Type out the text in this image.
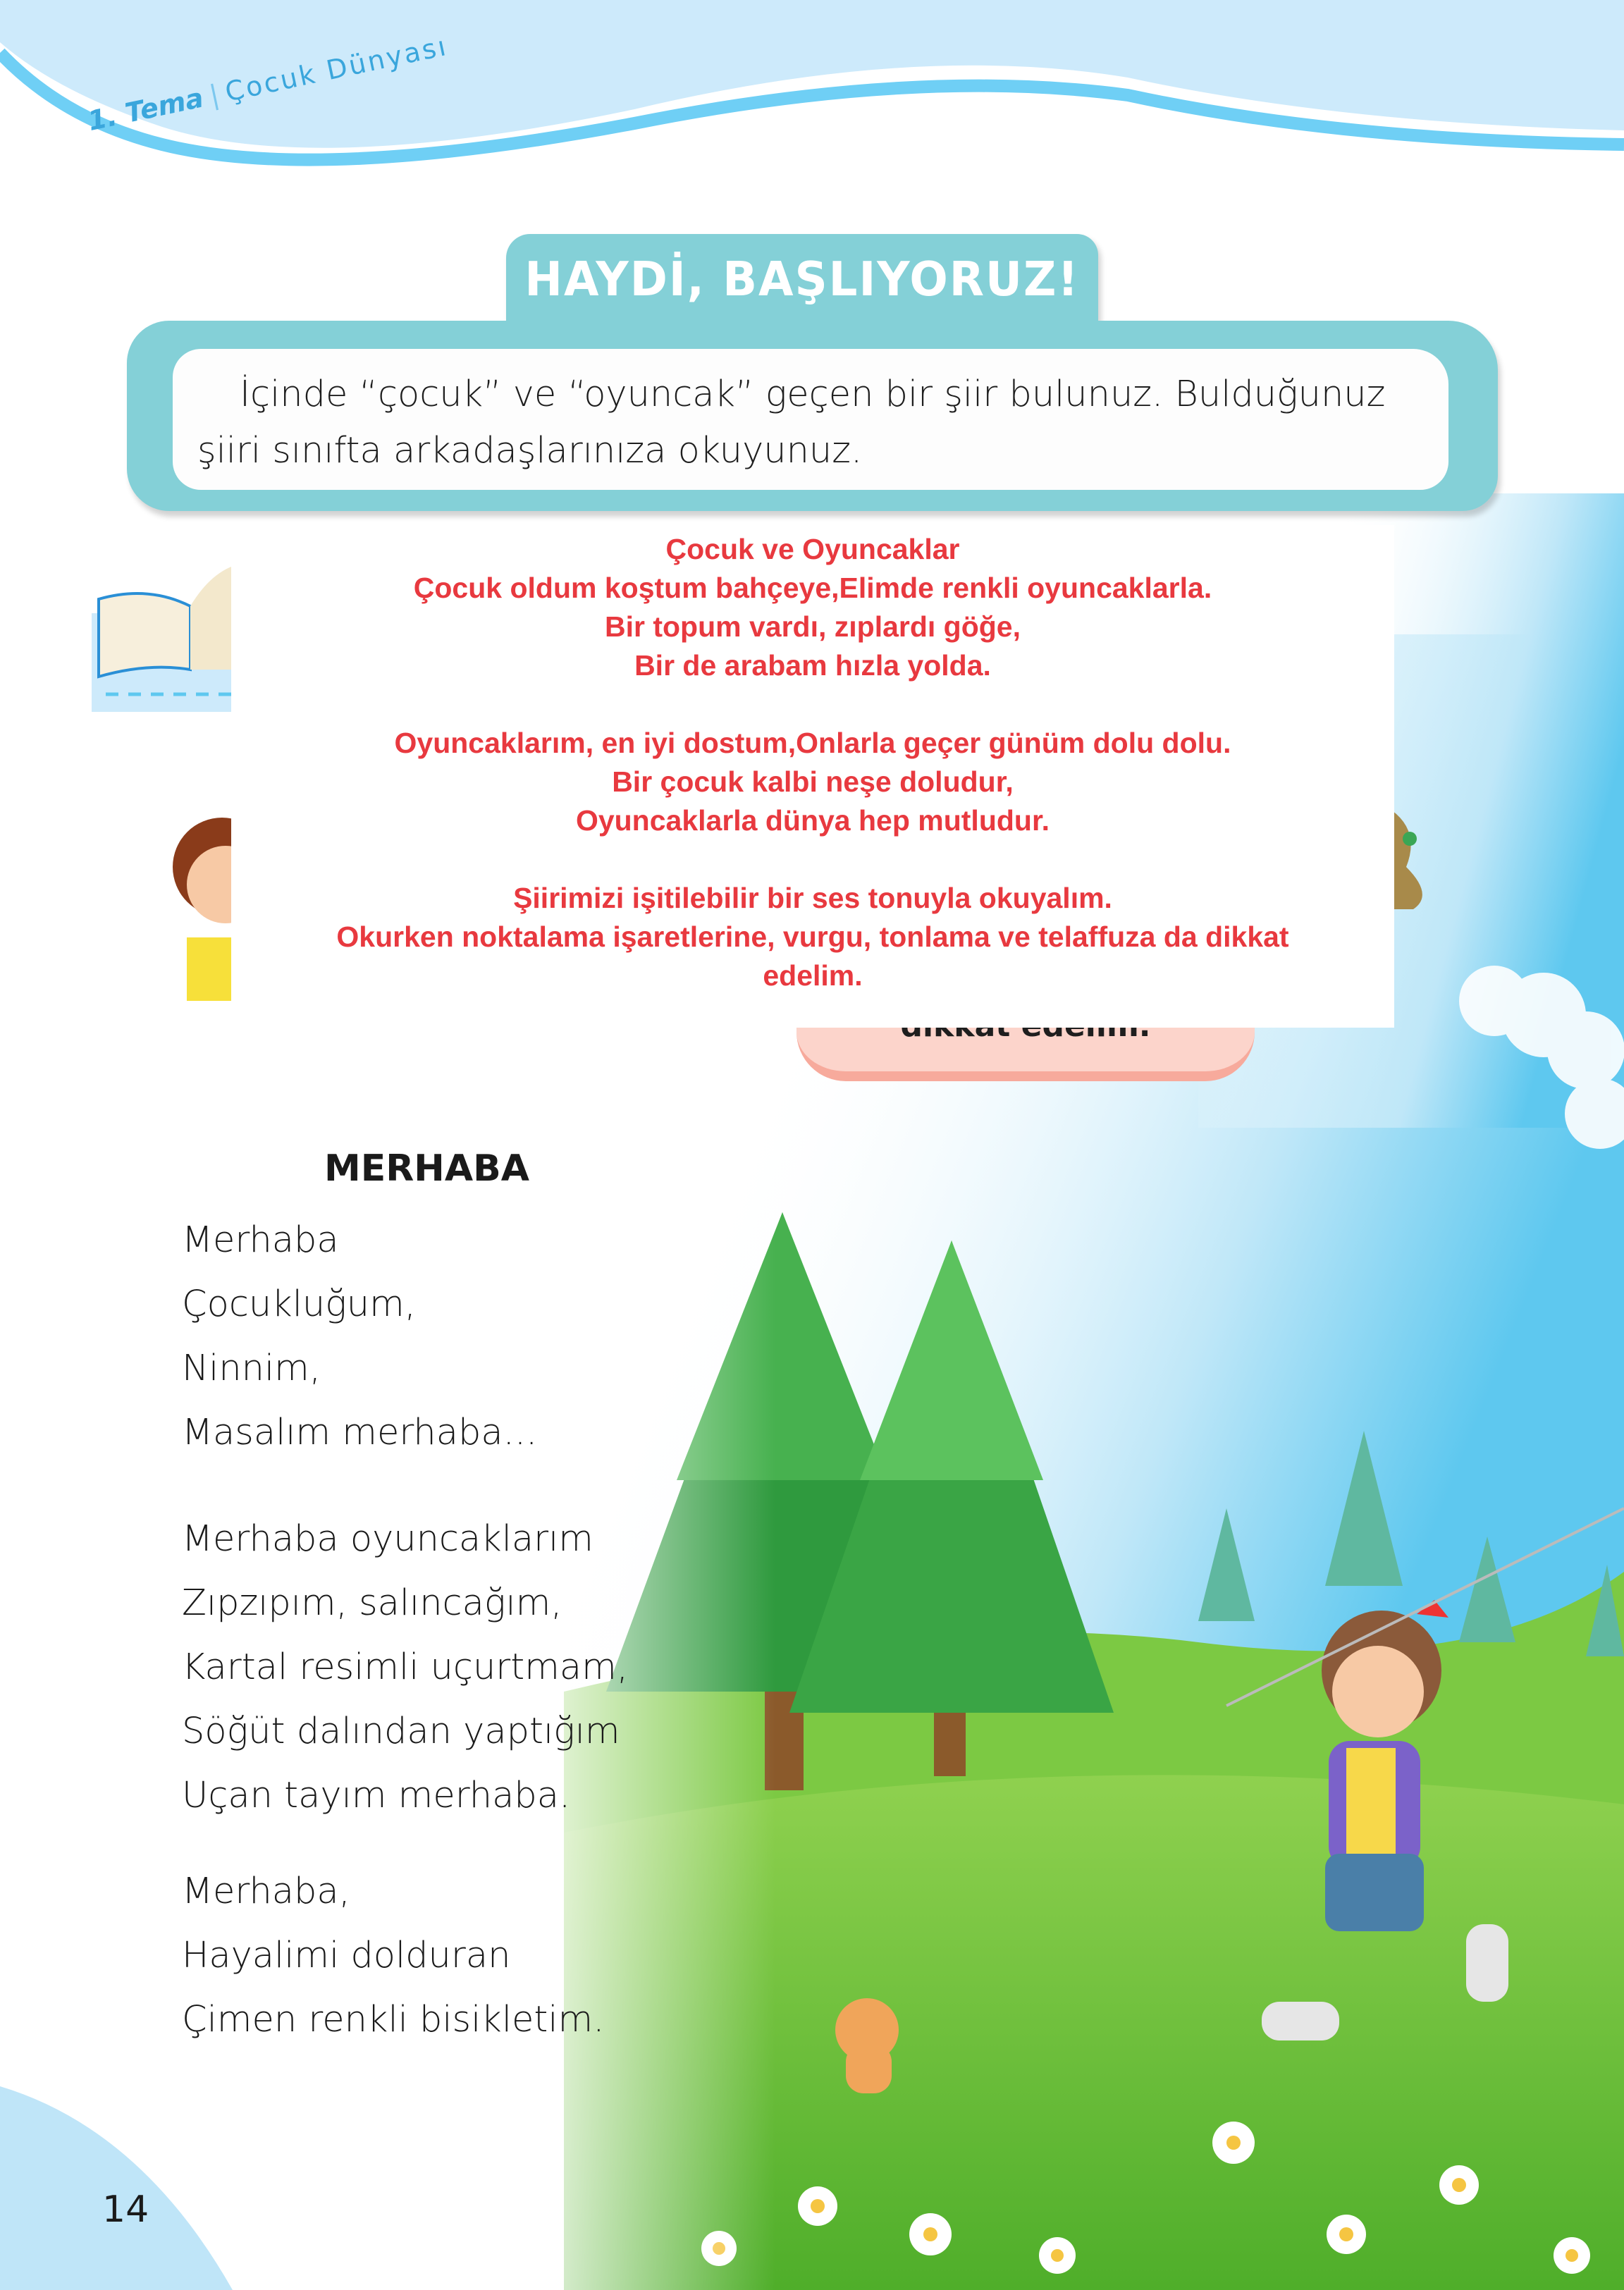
1. Tema|Çocuk Dünyası
HAYDİ, BAŞLIYORUZ!
İçinde “çocuk” ve “oyuncak” geçen bir şiir bulunuz. Bulduğunuz şiiri sınıfta arkadaşlarınıza okuyunuz.
Çocuk ve Oyuncaklar
Çocuk oldum koştum bahçeye,Elimde renkli oyuncaklarla.
Bir topum vardı, zıplardı göğe,
Bir de arabam hızla yolda.
Oyuncaklarım, en iyi dostum,Onlarla geçer günüm dolu dolu.
Bir çocuk kalbi neşe doludur,
Oyuncaklarla dünya hep mutludur.
Şiirimizi işitilebilir bir ses tonuyla okuyalım.
Okurken noktalama işaretlerine, vurgu, tonlama ve telaffuza da dikkat
edelim.
MERHABA
Merhaba
Çocukluğum,
Ninnim,
Masalım merhaba...
Merhaba oyuncaklarım
Zıpzıpım, salıncağım,
Kartal resimli uçurtmam,
Söğüt dalından yaptığım
Uçan tayım merhaba.
Merhaba,
Hayalimi dolduran
Çimen renkli bisikletim.
14
